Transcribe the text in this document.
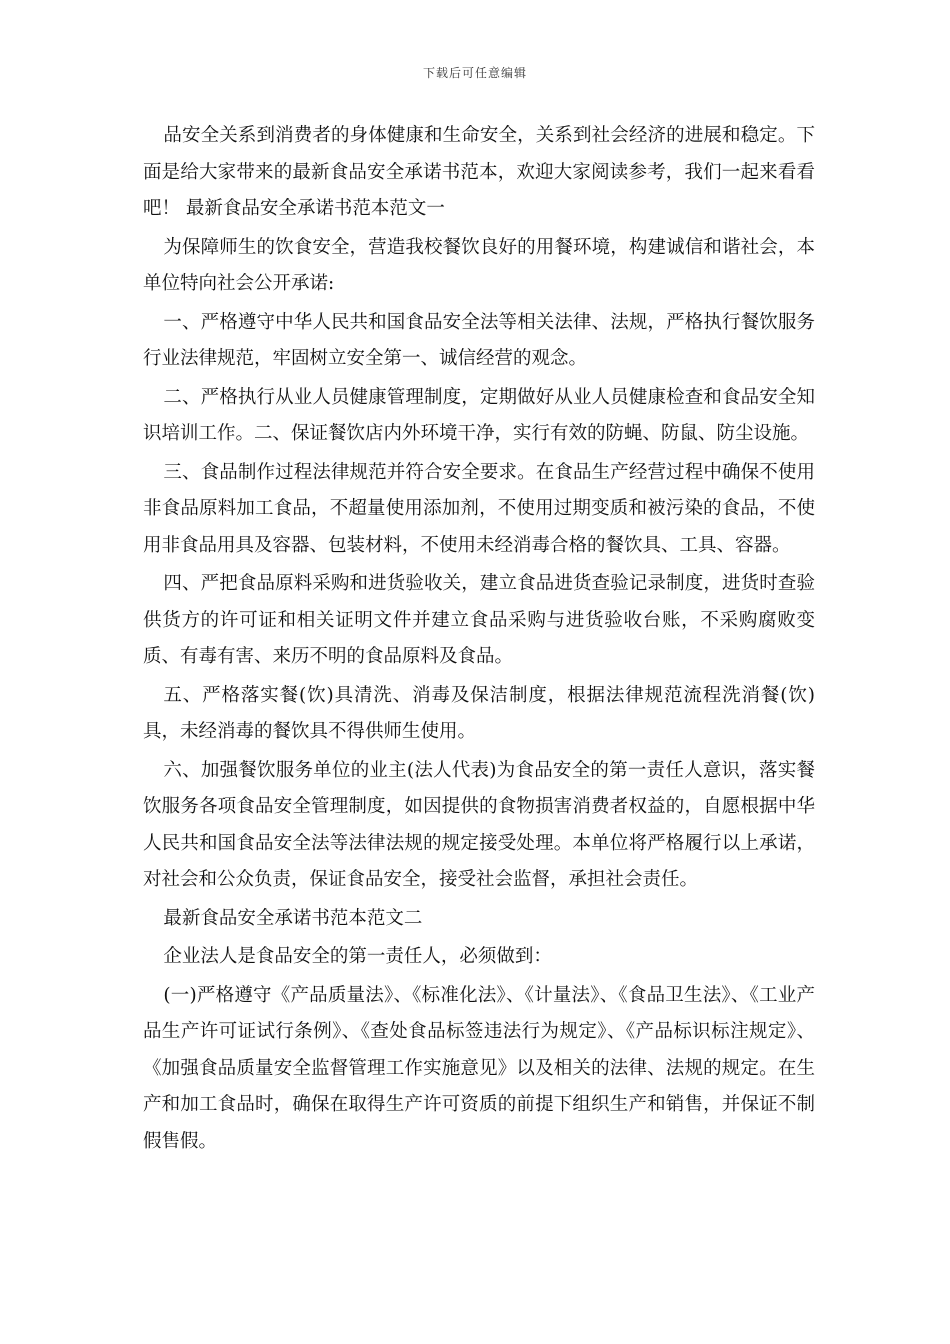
下载后可任意编辑

品安全关系到消费者的身体健康和生命安全，关系到社会经济的进展和稳定。下面是给大家带来的最新食品安全承诺书范本，欢迎大家阅读参考，我们一起来看看吧！ 最新食品安全承诺书范本范文一

为保障师生的饮食安全，营造我校餐饮良好的用餐环境，构建诚信和谐社会，本单位特向社会公开承诺:

一、严格遵守中华人民共和国食品安全法等相关法律、法规，严格执行餐饮服务行业法律规范，牢固树立安全第一、诚信经营的观念。

二、严格执行从业人员健康管理制度，定期做好从业人员健康检查和食品安全知识培训工作。二、保证餐饮店内外环境干净，实行有效的防蝇、防鼠、防尘设施。

三、食品制作过程法律规范并符合安全要求。在食品生产经营过程中确保不使用非食品原料加工食品，不超量使用添加剂，不使用过期变质和被污染的食品，不使用非食品用具及容器、包装材料，不使用未经消毒合格的餐饮具、工具、容器。

四、严把食品原料采购和进货验收关，建立食品进货查验记录制度，进货时查验供货方的许可证和相关证明文件并建立食品采购与进货验收台账，不采购腐败变质、有毒有害、来历不明的食品原料及食品。

五、严格落实餐(饮)具清洗、消毒及保洁制度，根据法律规范流程洗消餐(饮)具，未经消毒的餐饮具不得供师生使用。

六、加强餐饮服务单位的业主(法人代表)为食品安全的第一责任人意识，落实餐饮服务各项食品安全管理制度，如因提供的食物损害消费者权益的，自愿根据中华人民共和国食品安全法等法律法规的规定接受处理。本单位将严格履行以上承诺，对社会和公众负责，保证食品安全，接受社会监督，承担社会责任。

最新食品安全承诺书范本范文二

企业法人是食品安全的第一责任人，必须做到：

(一)严格遵守《产品质量法》、《标准化法》、《计量法》、《食品卫生法》、《工业产品生产许可证试行条例》、《查处食品标签违法行为规定》、《产品标识标注规定》、《加强食品质量安全监督管理工作实施意见》以及相关的法律、法规的规定。在生产和加工食品时，确保在取得生产许可资质的前提下组织生产和销售，并保证不制假售假。
